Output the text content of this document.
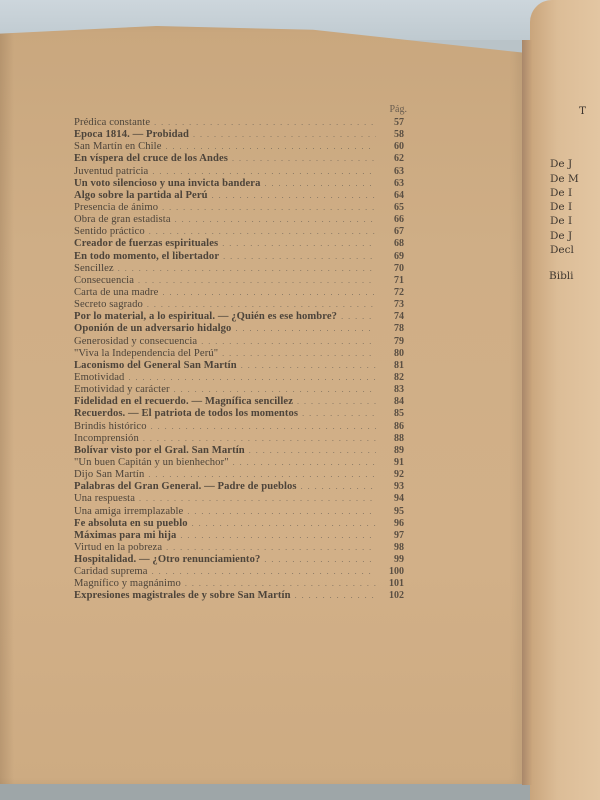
Pág.
Prédica constante . . .	57
Epoca 1814. — Probidad . . .	58
San Martín en Chile . . .	60
En víspera del cruce de los Andes . . .	62
Juventud patricia . . .	63
Un voto silencioso y una invicta bandera . . .	63
Algo sobre la partida al Perú . . .	64
Presencia de ánimo . . .	65
Obra de gran estadista . . .	66
Sentido práctico . . .	67
Creador de fuerzas espirituales . . .	68
En todo momento, el libertador . . .	69
Sencillez . . .	70
Consecuencia . . .	71
Carta de una madre . . .	72
Secreto sagrado . . .	73
Por lo material, a lo espiritual. — ¿Quién es ese hombre? . . .	74
Oponión de un adversario hidalgo . . .	78
Generosidad y consecuencia . . .	79
"Viva la Independencia del Perú" . . .	80
Laconismo del General San Martín . . .	81
Emotividad . . .	82
Emotividad y carácter . . .	83
Fidelidad en el recuerdo. — Magnífica sencillez . . .	84
Recuerdos. — El patriota de todos los momentos . . .	85
Brindis histórico . . .	86
Incomprensión . . .	88
Bolívar visto por el Gral. San Martín . . .	89
"Un buen Capitán y un bienhechor" . . .	91
Dijo San Martín . . .	92
Palabras del Gran General. — Padre de pueblos . . .	93
Una respuesta . . .	94
Una amiga irremplazable . . .	95
Fe absoluta en su pueblo . . .	96
Máximas para mi hija . . .	97
Virtud en la pobreza . . .	98
Hospitalidad. — ¿Otro renunciamiento? . . .	99
Caridad suprema . . .	100
Magnífico y magnánimo . . .	101
Expresiones magistrales de y sobre San Martín . . .	102
T
De J
De M
De I
De I
De I
De J
Decl
Bibli
